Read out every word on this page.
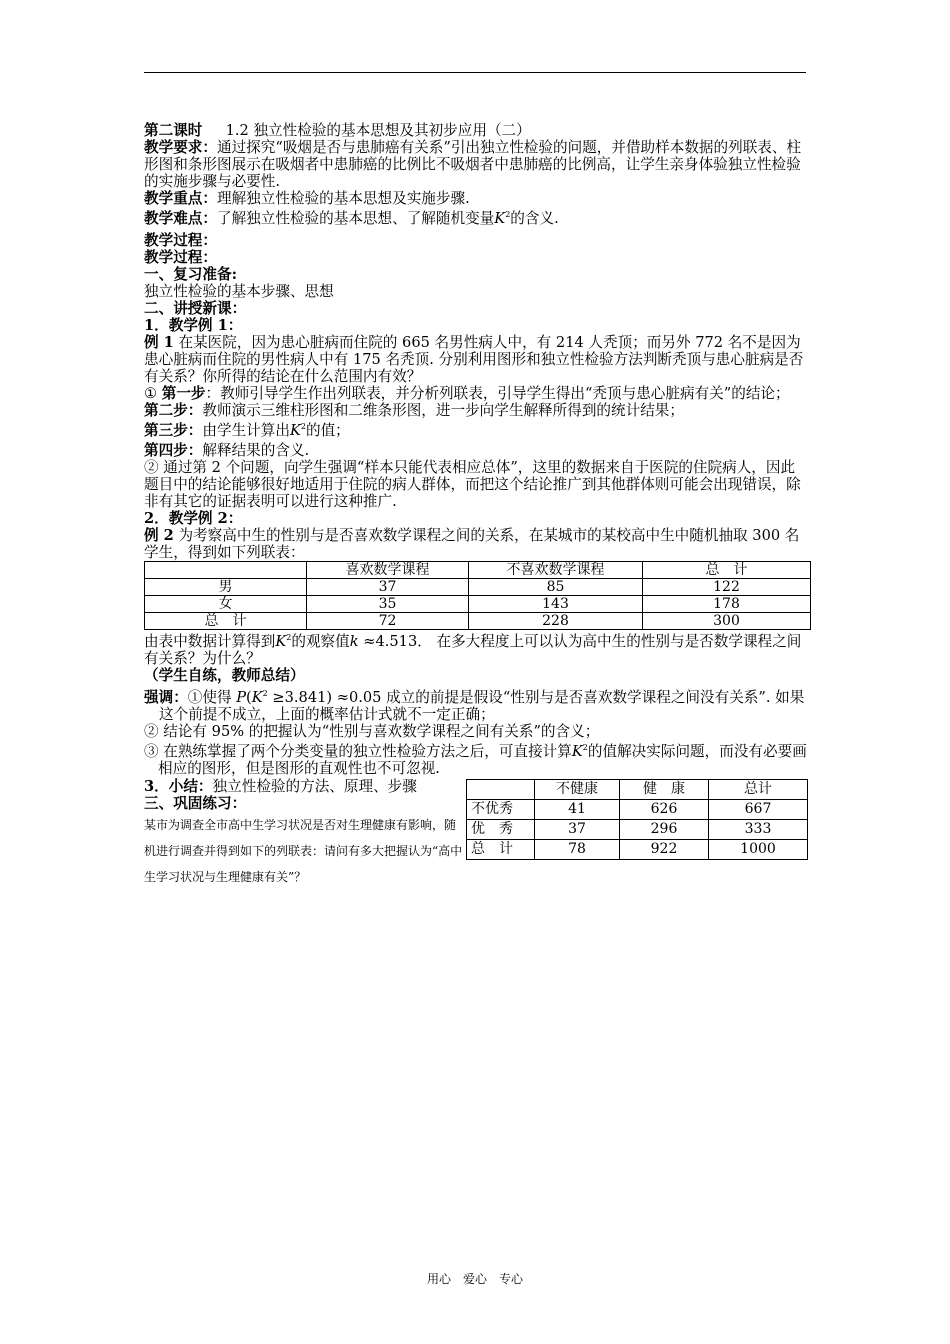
第二课时 1.2 独立性检验的基本思想及其初步应用（二）

教学要求：通过探究“吸烟是否与患肺癌有关系”引出独立性检验的问题，并借助样本数据的列联表、柱形图和条形图展示在吸烟者中患肺癌的比例比不吸烟者中患肺癌的比例高，让学生亲身体验独立性检验的实施步骤与必要性.

教学重点：理解独立性检验的基本思想及实施步骤.

教学难点：了解独立性检验的基本思想、了解随机变量$K^2$的含义.

教学过程：

教学过程：

一、复习准备:

独立性检验的基本步骤、思想

二、讲授新课：

1．教学例 1：

例 1 在某医院，因为患心脏病而住院的 665 名男性病人中，有 214 人秃顶；而另外 772 名不是因为患心脏病而住院的男性病人中有 175 名秃顶. 分别利用图形和独立性检验方法判断秃顶与患心脏病是否有关系？你所得的结论在什么范围内有效？

① 第一步：教师引导学生作出列联表，并分析列联表，引导学生得出“秃顶与患心脏病有关”的结论；

第二步：教师演示三维柱形图和二维条形图，进一步向学生解释所得到的统计结果；

第三步：由学生计算出$K^2$的值；

第四步：解释结果的含义.

② 通过第 2 个问题，向学生强调“样本只能代表相应总体”，这里的数据来自于医院的住院病人，因此题目中的结论能够很好地适用于住院的病人群体，而把这个结论推广到其他群体则可能会出现错误，除非有其它的证据表明可以进行这种推广.

2．教学例 2：

例 2 为考察高中生的性别与是否喜欢数学课程之间的关系，在某城市的某校高中生中随机抽取 300 名学生，得到如下列联表：

	喜欢数学课程	不喜欢数学课程	总　计
男	37	85	122
女	35	143	178
总　计	72	228	300

由表中数据计算得到$K^2$的观察值k ≈4.513． 在多大程度上可以认为高中生的性别与是否数学课程之间有关系？为什么？

（学生自练，教师总结）

强调：①使得 $P(K^2 \ge 3.841) \approx 0.05$ 成立的前提是假设“性别与是否喜欢数学课程之间没有关系”. 如果这个前提不成立，上面的概率估计式就不一定正确；

② 结论有 95% 的把握认为“性别与喜欢数学课程之间有关系”的含义；

③ 在熟练掌握了两个分类变量的独立性检验方法之后，可直接计算$K^2$的值解决实际问题，而没有必要画相应的图形，但是图形的直观性也不可忽视.

3．小结：独立性检验的方法、原理、步骤

三、巩固练习：

某市为调查全市高中生学习状况是否对生理健康有影响，随机进行调查并得到如下的列联表：请问有多大把握认为“高中生学习状况与生理健康有关”？

	不健康	健　康	总计
不优秀	41	626	667
优　秀	37	296	333
总　计	78	922	1000
用心　爱心　专心
